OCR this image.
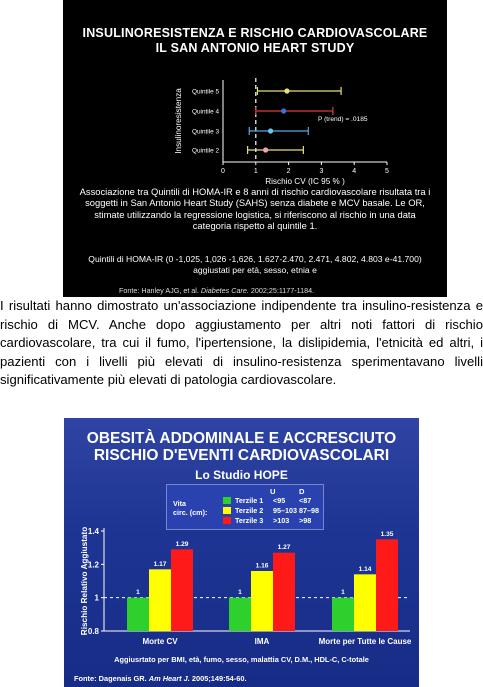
0	1	2	3	4	5
Quintile 5
Quintile 4
Quintile 3
Quintile 2
P (trend) = .0185
Rischio CV (IC 95 % )
Insulinoresistenza
INSULINORESISTENZA E RISCHIO CARDIOVASCOLARE
IL SAN ANTONIO HEART STUDY
Associazione tra Quintili di HOMA-IR e 8 anni di rischio cardiovascolare risultata tra i soggetti in San Antonio Heart Study (SAHS) senza diabete e MCV basale. Le OR, stimate utilizzando la regressione logistica, si riferiscono al rischio in una data categoria rispetto al quintile 1.
Quintili di HOMA-IR (0 -1,025, 1,026 -1,626, 1.627-2.470, 2.471, 4.802, 4.803 e-41.700)
aggiustati per età, sesso, etnia e
Fonte: Hanley AJG, et al. Diabetes Care. 2002;25:1177-1184.
I risultati hanno dimostrato un'associazione indipendente tra insulino-resistenza e rischio di MCV. Anche dopo aggiustamento per altri noti fattori di rischio cardiovascolare, tra cui il fumo, l'ipertensione, la dislipidemia, l'etnicità ed altri, i pazienti con i livelli più elevati di insulino-resistenza sperimentavano livelli significativamente più elevati di patologia cardiovascolare.
OBESITÀ ADDOMINALE E ACCRESCIUTO
RISCHIO D'EVENTI CARDIOVASCOLARI
Lo Studio HOPE
U	D
Vita
circ. (cm):
Terzile 1 <95 <87
Terzile 2 95–103 87–98
Terzile 3 >103 >98
1.4
1.2
1
0.8
1
1.17
1.29
Morte CV
1
1.16
1.27
IMA
1
1.14
1.35
Morte per Tutte le Cause
Rischio Relativo Aggiustato
Aggiusrtato per BMI, età, fumo, sesso, malattia CV, D.M., HDL-C, C-totale
Fonte: Dagenais GR. Am Heart J. 2005;149:54-60.
